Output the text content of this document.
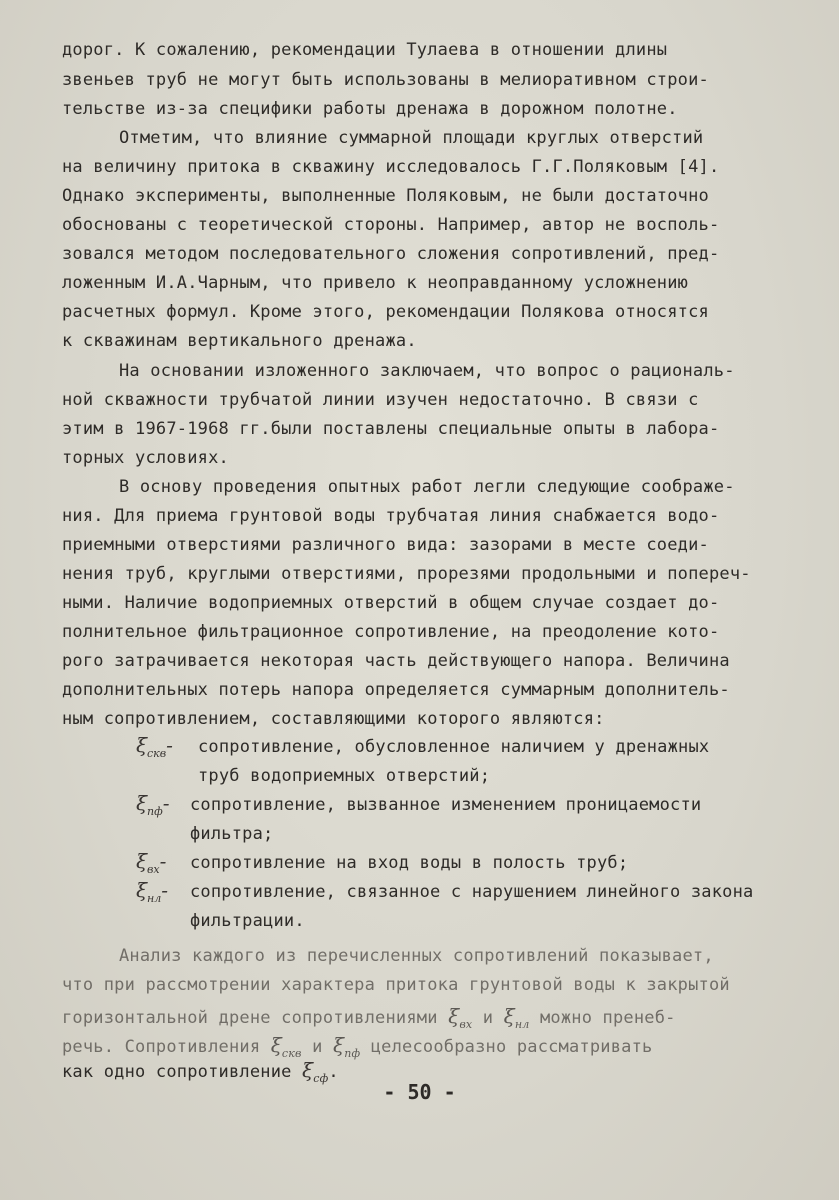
дорог. К сожалению, рекомендации Тулаева в отношении длины
звеньев труб не могут быть использованы в мелиоративном строи-
тельстве из-за специфики работы дренажа в дорожном полотне.
Отметим, что влияние суммарной площади круглых отверстий
на величину притока в скважину исследовалось Г.Г.Поляковым [4].
Однако эксперименты, выполненные Поляковым, не были достаточно
обоснованы с теоретической стороны. Например, автор не восполь-
зовался методом последовательного сложения сопротивлений, пред-
ложенным И.А.Чарным, что привело к неоправданному усложнению
расчетных формул. Кроме этого, рекомендации Полякова относятся
к скважинам вертикального дренажа.
На основании изложенного заключаем, что вопрос о рациональ-
ной скважности трубчатой линии изучен недостаточно. В связи с
этим в 1967-1968 гг.были поставлены специальные опыты в лабора-
торных условиях.
В основу проведения опытных работ легли следующие соображе-
ния. Для приема грунтовой воды трубчатая линия снабжается водо-
приемными отверстиями различного вида: зазорами в месте соеди-
нения труб, круглыми отверстиями, прорезями продольными и попереч-
ными. Наличие водоприемных отверстий в общем случае создает до-
полнительное фильтрационное сопротивление, на преодоление кото-
рого затрачивается некоторая часть действующего напора. Величина
дополнительных потерь напора определяется суммарным дополнитель-
ным сопротивлением, составляющими которого являются:
$\xi_{скв}-$ сопротивление, обусловленное наличием у дренажных
труб водоприемных отверстий;
$\xi_{пф}-$ сопротивление, вызванное изменением проницаемости
фильтра;
$\xi_{вх}-$ сопротивление на вход воды в полость труб;
$\xi_{нл}-$ сопротивление, связанное с нарушением линейного закона
фильтрации.
Анализ каждого из перечисленных сопротивлений показывает,
что при рассмотрении характера притока грунтовой воды к закрытой
горизонтальной дрене сопротивлениями $\xi_{вх}$ и $\xi_{нл}$ можно пренеб-
речь. Сопротивления $\xi_{скв}$ и $\xi_{пф}$ целесообразно рассматривать
как одно сопротивление $\xi_{сф}$.
- 50 -
